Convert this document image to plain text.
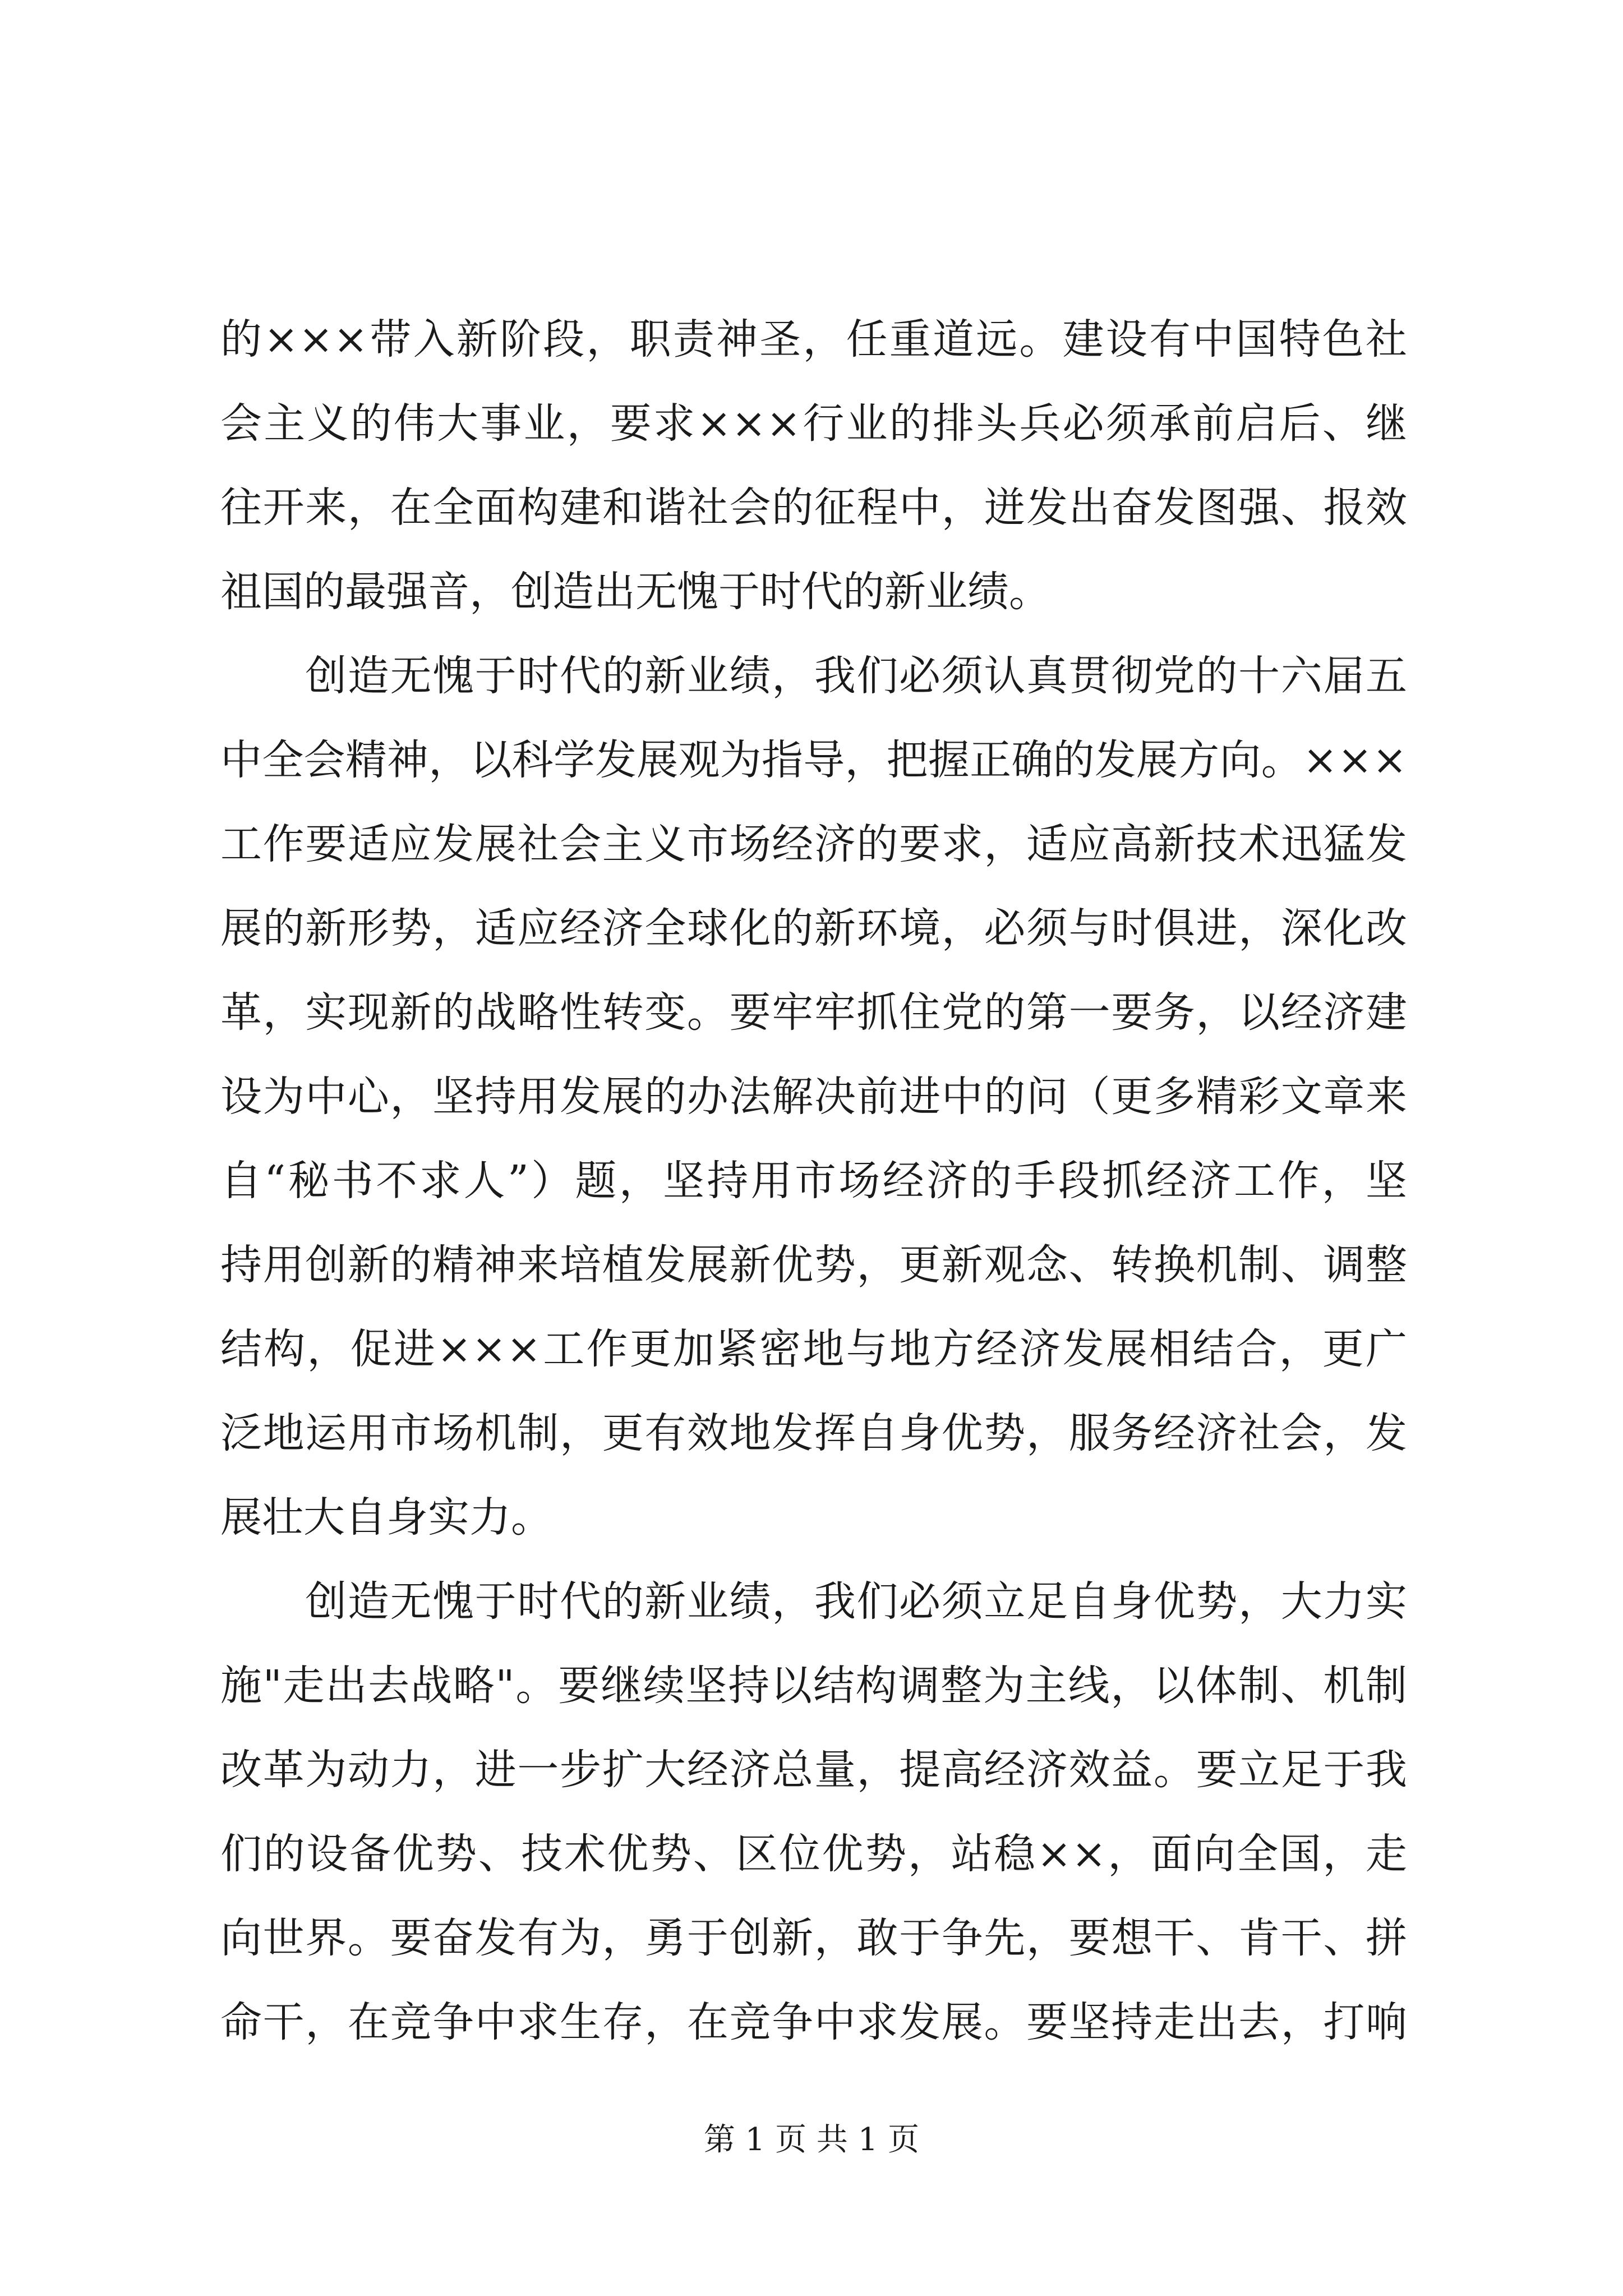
的×××带入新阶段，职责神圣，任重道远。建设有中国特色社
会主义的伟大事业，要求×××行业的排头兵必须承前启后、继
往开来，在全面构建和谐社会的征程中，迸发出奋发图强、报效
祖国的最强音，创造出无愧于时代的新业绩。
　　创造无愧于时代的新业绩，我们必须认真贯彻党的十六届五
中全会精神，以科学发展观为指导，把握正确的发展方向。×××
工作要适应发展社会主义市场经济的要求，适应高新技术迅猛发
展的新形势，适应经济全球化的新环境，必须与时俱进，深化改
革，实现新的战略性转变。要牢牢抓住党的第一要务，以经济建
设为中心，坚持用发展的办法解决前进中的问（更多精彩文章来
自“秘书不求人”）题，坚持用市场经济的手段抓经济工作，坚
持用创新的精神来培植发展新优势，更新观念、转换机制、调整
结构，促进×××工作更加紧密地与地方经济发展相结合，更广
泛地运用市场机制，更有效地发挥自身优势，服务经济社会，发
展壮大自身实力。
　　创造无愧于时代的新业绩，我们必须立足自身优势，大力实
施"走出去战略"。要继续坚持以结构调整为主线，以体制、机制
改革为动力，进一步扩大经济总量，提高经济效益。要立足于我
们的设备优势、技术优势、区位优势，站稳××，面向全国，走
向世界。要奋发有为，勇于创新，敢于争先，要想干、肯干、拼
命干，在竞争中求生存，在竞争中求发展。要坚持走出去，打响
第 1 页 共 1 页
